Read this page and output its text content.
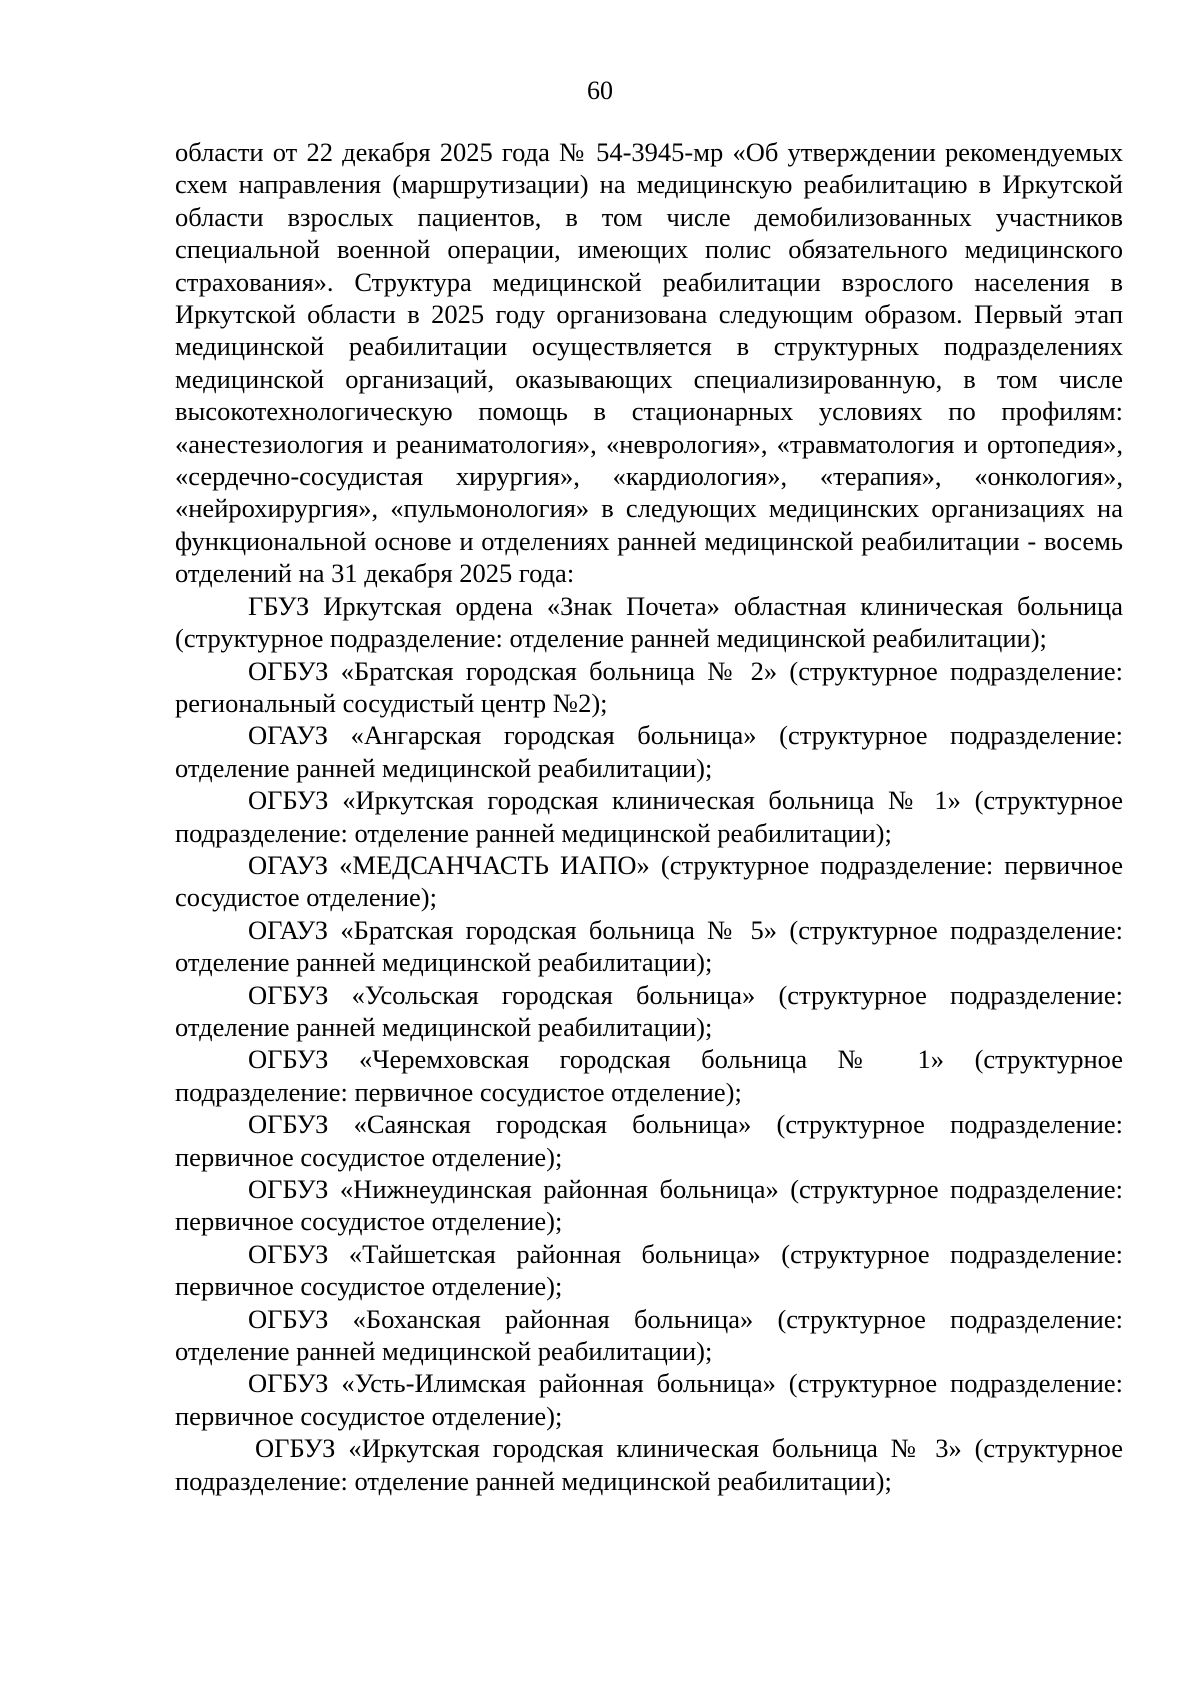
60

области от 22 декабря 2025 года № 54-3945-мр «Об утверждении рекомендуемых схем направления (маршрутизации) на медицинскую реабилитацию в Иркутской области взрослых пациентов, в том числе демобилизованных участников специальной военной операции, имеющих полис обязательного медицинского страхования». Структура медицинской реабилитации взрослого населения в Иркутской области в 2025 году организована следующим образом. Первый этап медицинской реабилитации осуществляется в структурных подразделениях медицинской организаций, оказывающих специализированную, в том числе высокотехнологическую помощь в стационарных условиях по профилям: «анестезиология и реаниматология», «неврология», «травматология и ортопедия», «сердечно-сосудистая хирургия», «кардиология», «терапия», «онкология», «нейрохирургия», «пульмонология» в следующих медицинских организациях на функциональной основе и отделениях ранней медицинской реабилитации - восемь отделений на 31 декабря 2025 года:

ГБУЗ Иркутская ордена «Знак Почета» областная клиническая больница (структурное подразделение: отделение ранней медицинской реабилитации);

ОГБУЗ «Братская городская больница № 2» (структурное подразделение: региональный сосудистый центр №2);

ОГАУЗ «Ангарская городская больница» (структурное подразделение: отделение ранней медицинской реабилитации);

ОГБУЗ «Иркутская городская клиническая больница № 1» (структурное подразделение: отделение ранней медицинской реабилитации);

ОГАУЗ «МЕДСАНЧАСТЬ ИАПО» (структурное подразделение: первичное сосудистое отделение);

ОГАУЗ «Братская городская больница № 5» (структурное подразделение: отделение ранней медицинской реабилитации);

ОГБУЗ «Усольская городская больница» (структурное подразделение: отделение ранней медицинской реабилитации);

ОГБУЗ «Черемховская городская больница № 1» (структурное подразделение: первичное сосудистое отделение);

ОГБУЗ «Саянская городская больница» (структурное подразделение: первичное сосудистое отделение);

ОГБУЗ «Нижнеудинская районная больница» (структурное подразделение: первичное сосудистое отделение);

ОГБУЗ «Тайшетская районная больница» (структурное подразделение: первичное сосудистое отделение);

ОГБУЗ «Боханская районная больница» (структурное подразделение: отделение ранней медицинской реабилитации);

ОГБУЗ «Усть-Илимская районная больница» (структурное подразделение: первичное сосудистое отделение);

ОГБУЗ «Иркутская городская клиническая больница № 3» (структурное подразделение: отделение ранней медицинской реабилитации);
